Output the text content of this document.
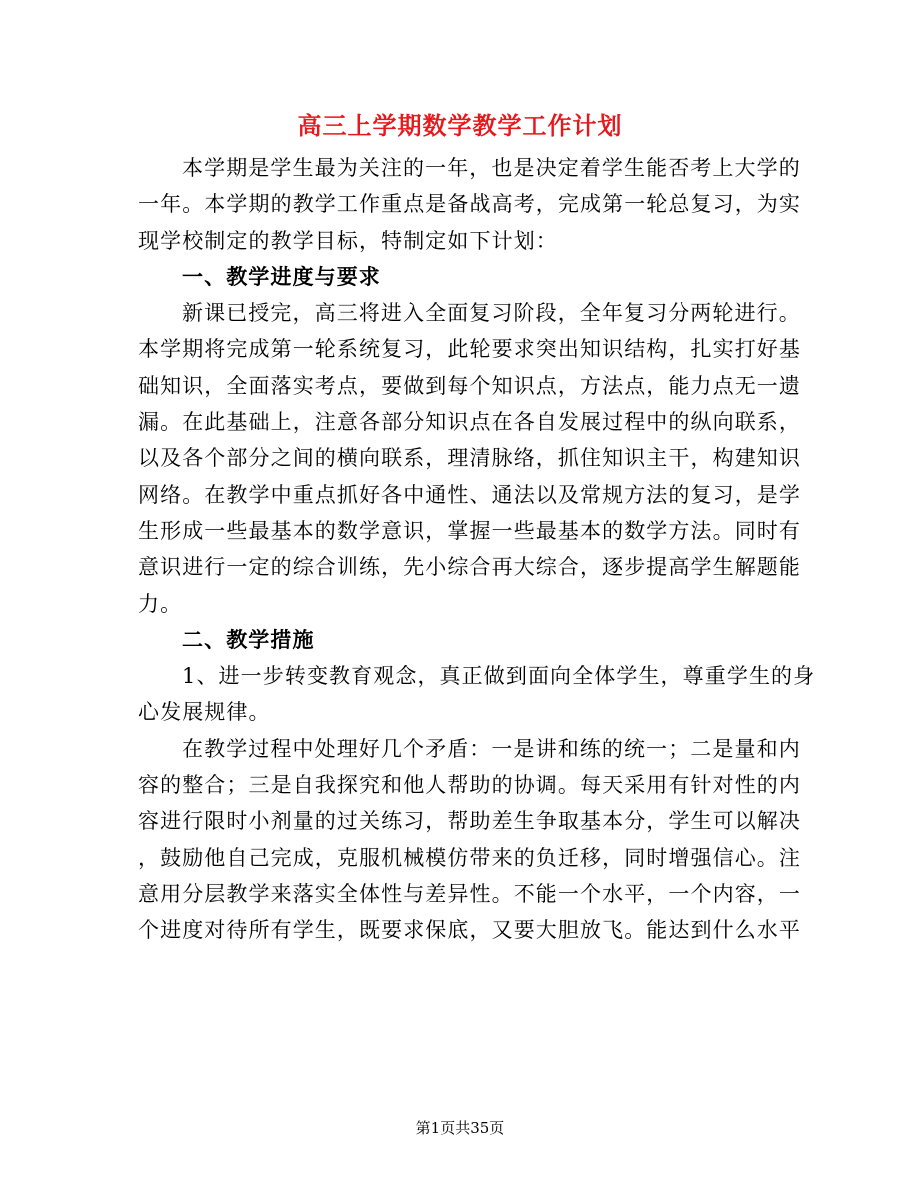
高三上学期数学教学工作计划
本学期是学生最为关注的一年，也是决定着学生能否考上大学的
一年。本学期的教学工作重点是备战高考，完成第一轮总复习，为实
现学校制定的教学目标，特制定如下计划：
一、教学进度与要求
新课已授完，高三将进入全面复习阶段，全年复习分两轮进行。
本学期将完成第一轮系统复习，此轮要求突出知识结构，扎实打好基
础知识，全面落实考点，要做到每个知识点，方法点，能力点无一遗
漏。在此基础上，注意各部分知识点在各自发展过程中的纵向联系，
以及各个部分之间的横向联系，理清脉络，抓住知识主干，构建知识
网络。在教学中重点抓好各中通性、通法以及常规方法的复习，是学
生形成一些最基本的数学意识，掌握一些最基本的数学方法。同时有
意识进行一定的综合训练，先小综合再大综合，逐步提高学生解题能
力。
二、教学措施
1、进一步转变教育观念，真正做到面向全体学生，尊重学生的身
心发展规律。
在教学过程中处理好几个矛盾：一是讲和练的统一；二是量和内
容的整合；三是自我探究和他人帮助的协调。每天采用有针对性的内
容进行限时小剂量的过关练习，帮助差生争取基本分，学生可以解决
，鼓励他自己完成，克服机械模仿带来的负迁移，同时增强信心。注
意用分层教学来落实全体性与差异性。不能一个水平，一个内容，一
个进度对待所有学生，既要求保底，又要大胆放飞。能达到什么水平
第1页共35页
